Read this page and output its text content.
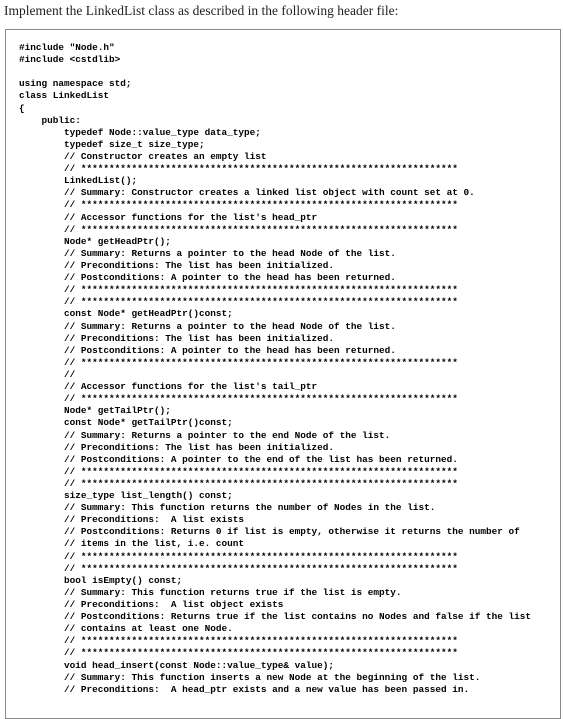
Implement the LinkedList class as described in the following header file:
#include "Node.h"
#include <cstdlib>
using namespace std;
class LinkedList
{
public:
typedef Node::value_type data_type;
typedef size_t size_type;
// Constructor creates an empty list
// *******************************************************************
LinkedList();
// Summary: Constructor creates a linked list object with count set at 0.
// *******************************************************************
// Accessor functions for the list's head_ptr
// *******************************************************************
Node* getHeadPtr();
// Summary: Returns a pointer to the head Node of the list.
// Preconditions: The list has been initialized.
// Postconditions: A pointer to the head has been returned.
// *******************************************************************
// *******************************************************************
const Node* getHeadPtr()const;
// Summary: Returns a pointer to the head Node of the list.
// Preconditions: The list has been initialized.
// Postconditions: A pointer to the head has been returned.
// *******************************************************************
//
// Accessor functions for the list's tail_ptr
// *******************************************************************
Node* getTailPtr();
const Node* getTailPtr()const;
// Summary: Returns a pointer to the end Node of the list.
// Preconditions: The list has been initialized.
// Postconditions: A pointer to the end of the list has been returned.
// *******************************************************************
// *******************************************************************
size_type list_length() const;
// Summary: This function returns the number of Nodes in the list.
// Preconditions:  A list exists
// Postconditions: Returns 0 if list is empty, otherwise it returns the number of
// items in the list, i.e. count
// *******************************************************************
// *******************************************************************
bool isEmpty() const;
// Summary: This function returns true if the list is empty.
// Preconditions:  A list object exists
// Postconditions: Returns true if the list contains no Nodes and false if the list
// contains at least one Node.
// *******************************************************************
// *******************************************************************
void head_insert(const Node::value_type& value);
// Summary: This function inserts a new Node at the beginning of the list.
// Preconditions:  A head_ptr exists and a new value has been passed in.
